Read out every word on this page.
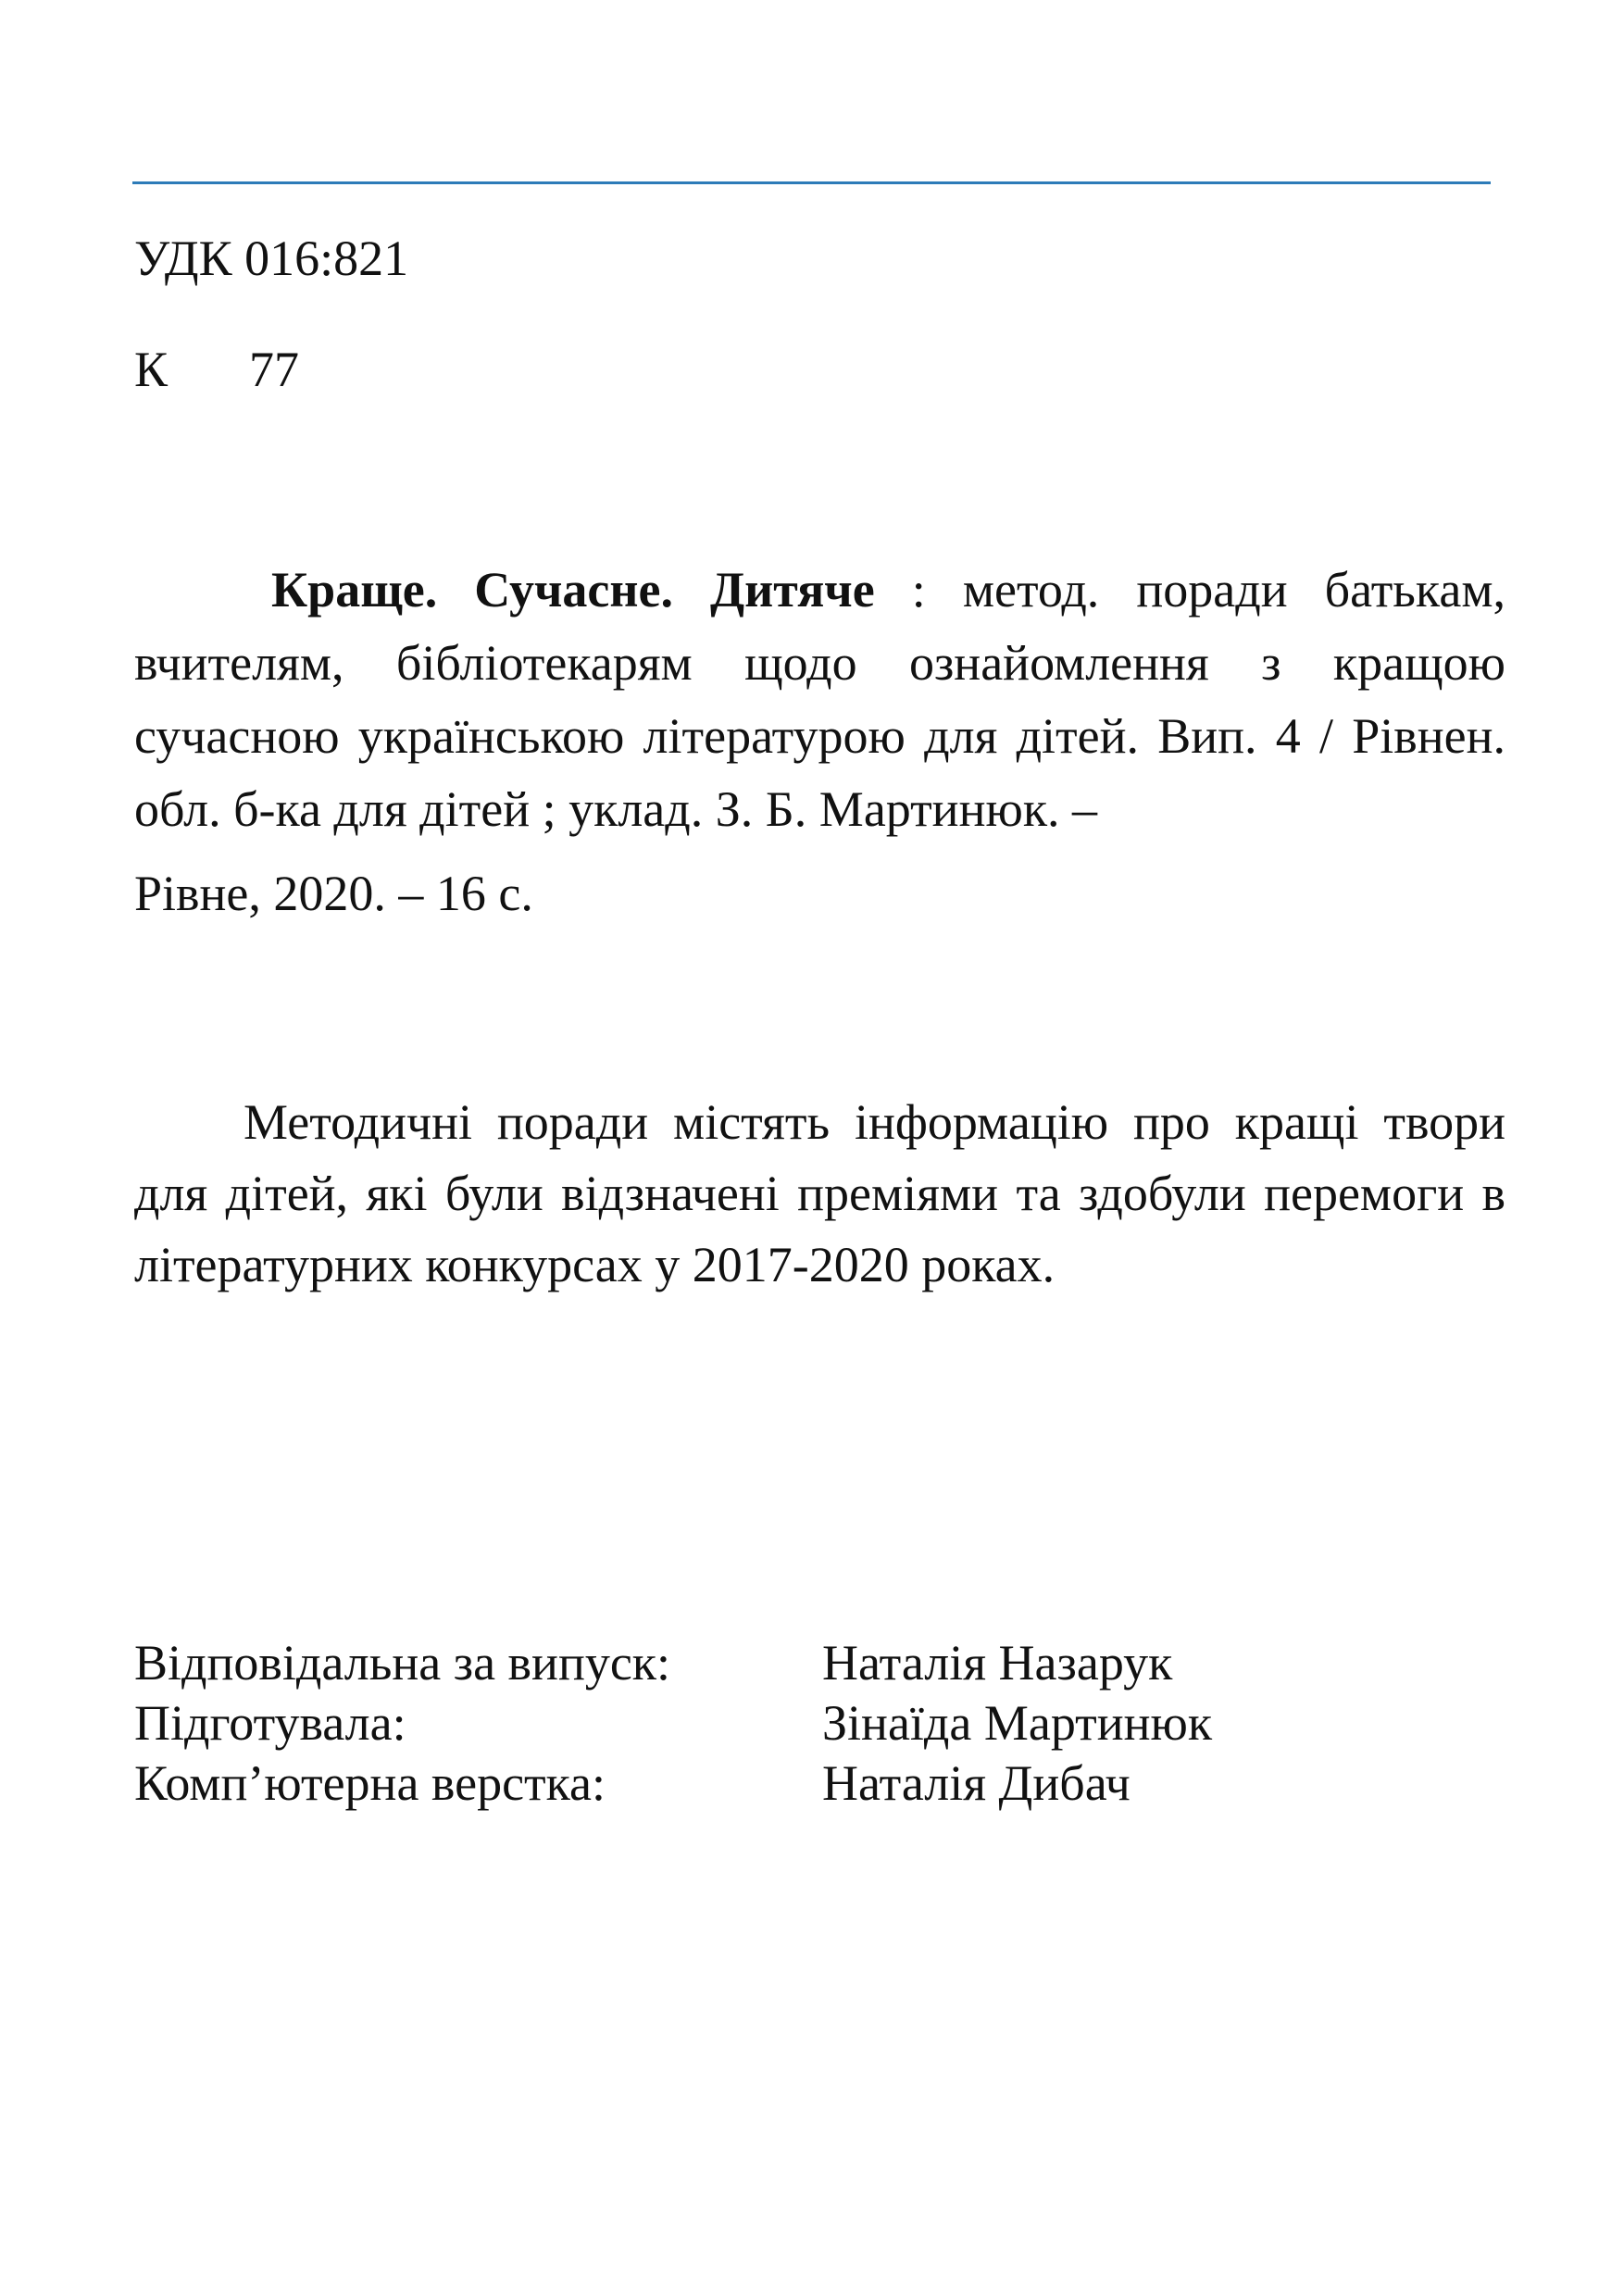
УДК 016:821
К 77

Краще. Сучасне. Дитяче : метод. поради батькам, вчителям, бібліотекарям щодо ознайомлення з кращою сучасною українською літературою для дітей. Вип. 4 / Рівнен. обл. б-ка для дітей ; уклад. З. Б. Мартинюк. –
Рівне, 2020. – 16 с.

Методичні поради містять інформацію про кращі твори для дітей, які були відзначені преміями та здобули перемоги в літературних конкурсах у 2017-2020 роках.

Відповідальна за випуск:	Наталія Назарук
Підготувала:	Зінаїда Мартинюк
Комп’ютерна верстка:	Наталія Дибач
